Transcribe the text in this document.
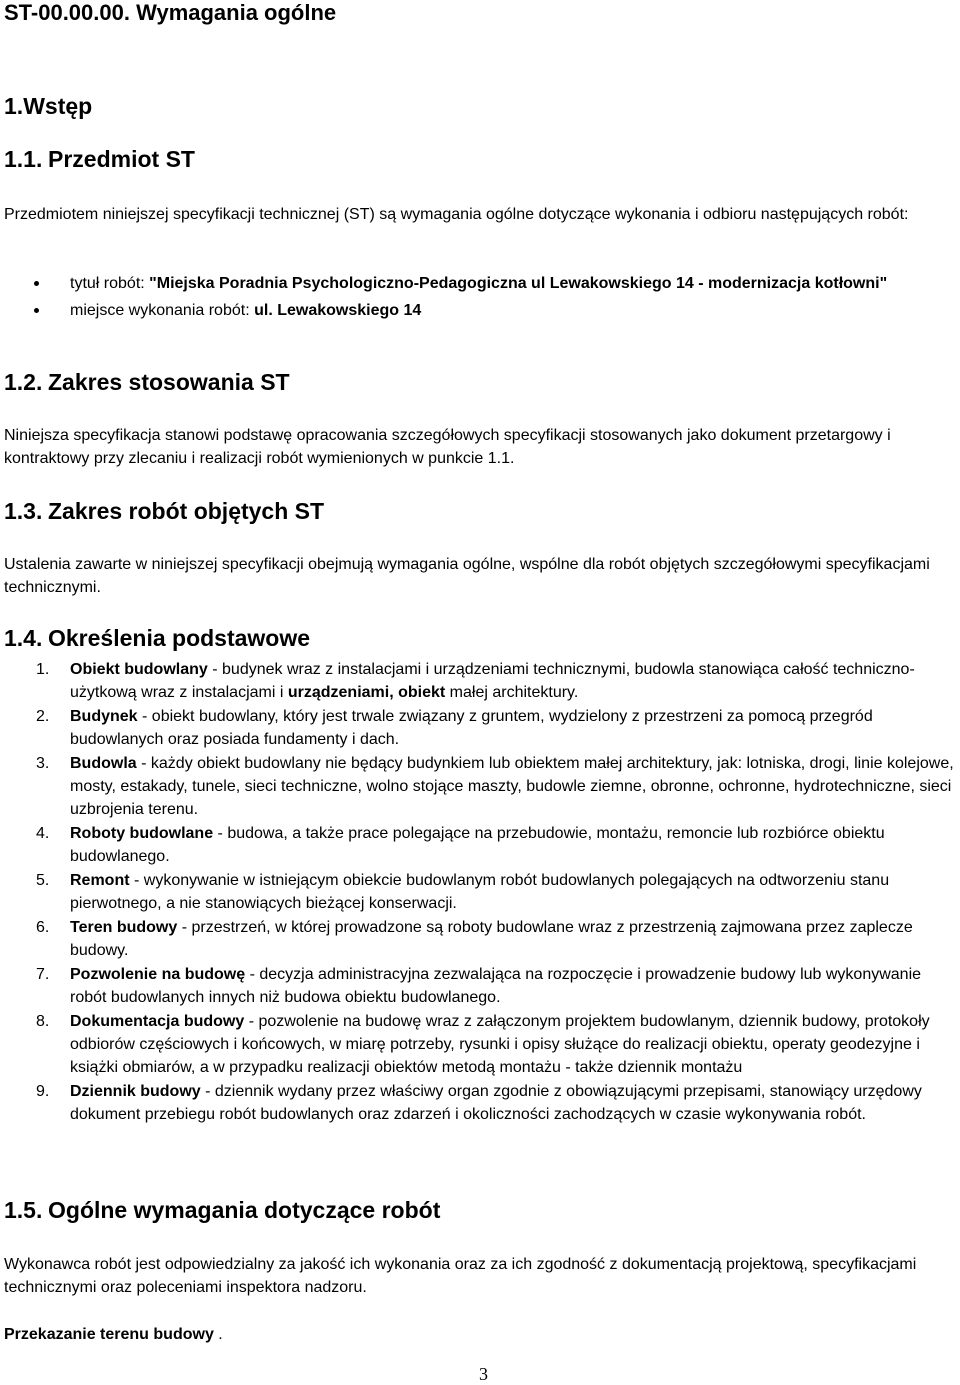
ST-00.00.00. Wymagania ogólne
1.Wstęp
1.1. Przedmiot ST

Przedmiotem niniejszej specyfikacji technicznej (ST) są wymagania ogólne dotyczące wykonania i odbioru następujących robót:

tytuł robót: "Miejska Poradnia Psychologiczno-Pedagogiczna ul Lewakowskiego 14 - modernizacja kotłowni"
miejsce wykonania robót: ul. Lewakowskiego 14
1.2. Zakres stosowania ST

Niniejsza specyfikacja stanowi podstawę opracowania szczegółowych specyfikacji stosowanych jako dokument przetargowy i kontraktowy przy zlecaniu i realizacji robót wymienionych w punkcie 1.1.

1.3. Zakres robót objętych ST

Ustalenia zawarte w niniejszej specyfikacji obejmują wymagania ogólne, wspólne dla robót objętych szczegółowymi specyfikacjami technicznymi.

1.4. Określenia podstawowe
1. Obiekt budowlany - budynek wraz z instalacjami i urządzeniami technicznymi, budowla stanowiąca całość techniczno-użytkową wraz z instalacjami i urządzeniami, obiekt małej architektury.
2. Budynek - obiekt budowlany, który jest trwale związany z gruntem, wydzielony z przestrzeni za pomocą przegród budowlanych oraz posiada fundamenty i dach.
3. Budowla - każdy obiekt budowlany nie będący budynkiem lub obiektem małej architektury, jak: lotniska, drogi, linie kolejowe, mosty, estakady, tunele, sieci techniczne, wolno stojące maszty, budowle ziemne, obronne, ochronne, hydrotechniczne, sieci uzbrojenia terenu.
4. Roboty budowlane - budowa, a także prace polegające na przebudowie, montażu, remoncie lub rozbiórce obiektu budowlanego.
5. Remont - wykonywanie w istniejącym obiekcie budowlanym robót budowlanych polegających na odtworzeniu stanu pierwotnego, a nie stanowiących bieżącej konserwacji.
6. Teren budowy - przestrzeń, w której prowadzone są roboty budowlane wraz z przestrzenią zajmowana przez zaplecze budowy.
7. Pozwolenie na budowę - decyzja administracyjna zezwalająca na rozpoczęcie i prowadzenie budowy lub wykonywanie robót budowlanych innych niż budowa obiektu budowlanego.
8. Dokumentacja budowy - pozwolenie na budowę wraz z załączonym projektem budowlanym, dziennik budowy, protokoły odbiorów częściowych i końcowych, w miarę potrzeby, rysunki i opisy służące do realizacji obiektu, operaty geodezyjne i książki obmiarów, a w przypadku realizacji obiektów metodą montażu - także dziennik montażu
9. Dziennik budowy - dziennik wydany przez właściwy organ zgodnie z obowiązującymi przepisami, stanowiący urzędowy dokument przebiegu robót budowlanych oraz zdarzeń i okoliczności zachodzących w czasie wykonywania robót.
1.5. Ogólne wymagania dotyczące robót

Wykonawca robót jest odpowiedzialny za jakość ich wykonania oraz za ich zgodność z dokumentacją projektową, specyfikacjami technicznymi oraz poleceniami inspektora nadzoru.

Przekazanie terenu budowy .
3
